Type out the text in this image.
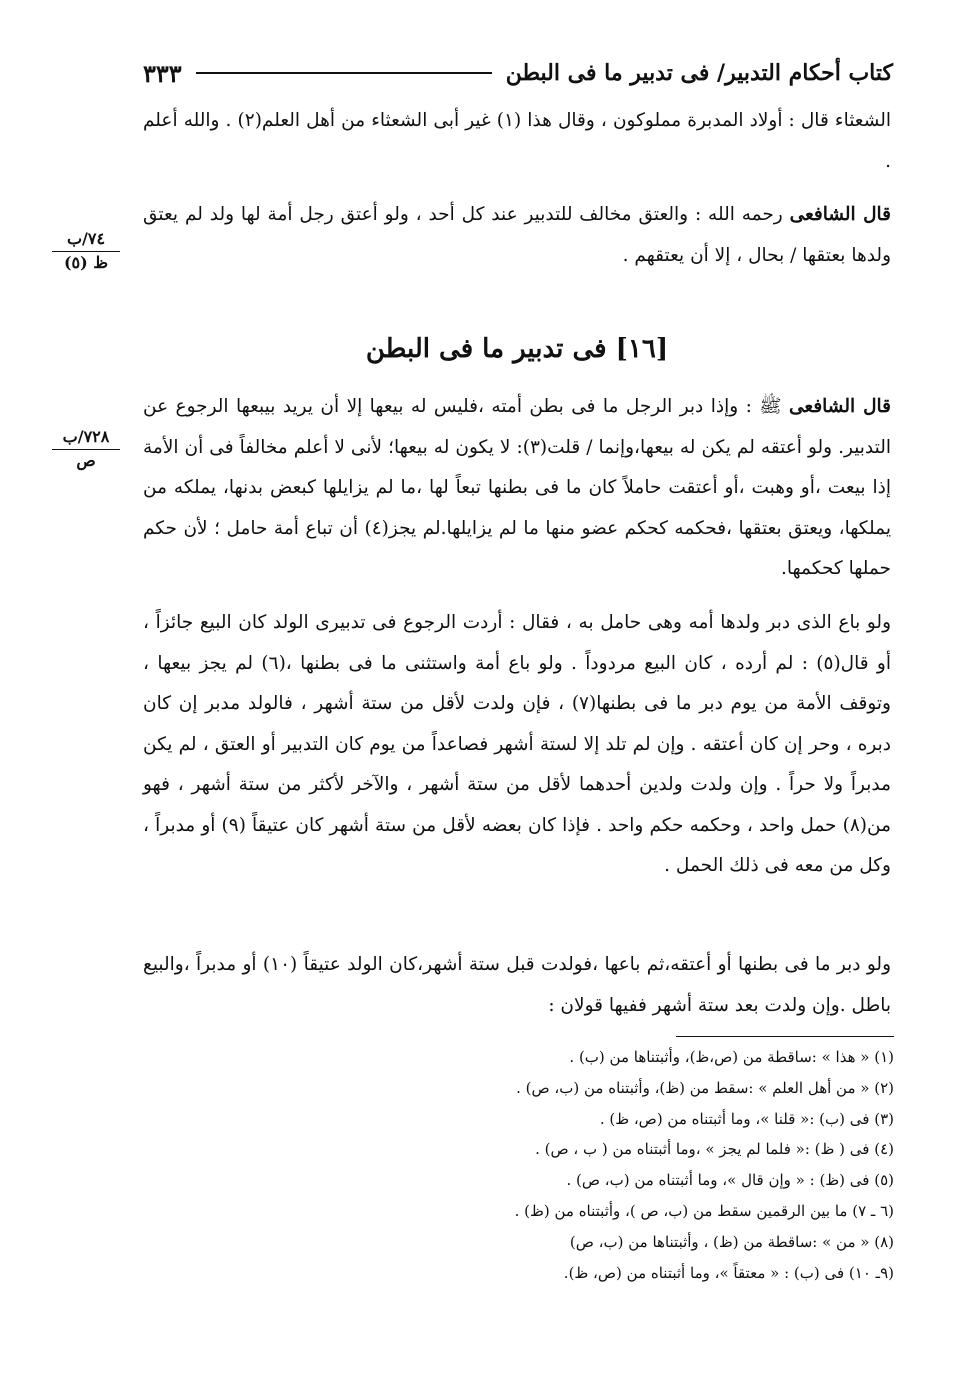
كتاب أحكام التدبير/ فى تدبير ما فى البطن
٣٣٣
الشعثاء قال : أولاد المدبرة مملوكون ، وقال هذا (١) غير أبى الشعثاء من أهل العلم(٢) . والله أعلم .
قال الشافعى رحمه الله : والعتق مخالف للتدبير عند كل أحد ، ولو أعتق رجل أمة لها ولد لم يعتق ولدها بعتقها / بحال ، إلا أن يعتقهم .
٧٤/ب
ظ (٥)
[١٦] فى تدبير ما فى البطن
قال الشافعى ﷺ : وإذا دبر الرجل ما فى بطن أمته ،فليس له بيعها إلا أن يريد بيبعها الرجوع عن التدبير. ولو أعتقه لم يكن له بيعها،وإنما / قلت(٣): لا يكون له بيعها؛ لأنى لا أعلم مخالفاً فى أن الأمة إذا بيعت ،أو وهبت ،أو أعتقت حاملاً كان ما فى بطنها تبعاً لها ،ما لم يزايلها كبعض بدنها، يملكه من يملكها، ويعتق بعتقها ،فحكمه كحكم عضو منها ما لم يزايلها.لم يجز(٤) أن تباع أمة حامل ؛ لأن حكم حملها كحكمها.
٧٢٨/ب
ص
ولو باع الذى دبر ولدها أمه وهى حامل به ، فقال : أردت الرجوع فى تدبيرى الولد كان البيع جائزاً ، أو قال(٥) : لم أرده ، كان البيع مردوداً . ولو باع أمة واستثنى ما فى بطنها ،(٦) لم يجز بيعها ، وتوقف الأمة من يوم دبر ما فى بطنها(٧) ، فإن ولدت لأقل من ستة أشهر ، فالولد مدبر إن كان دبره ، وحر إن كان أعتقه . وإن لم تلد إلا لستة أشهر فصاعداً من يوم كان التدبير أو العتق ، لم يكن مدبراً ولا حراً . وإن ولدت ولدين أحدهما لأقل من ستة أشهر ، والآخر لأكثر من ستة أشهر ، فهو من(٨) حمل واحد ، وحكمه حكم واحد . فإذا كان بعضه لأقل من ستة أشهر كان عتيقاً (٩) أو مدبراً ، وكل من معه فى ذلك الحمل .
ولو دبر ما فى بطنها أو أعتقه،ثم باعها ،فولدت قبل ستة أشهر،كان الولد عتيقاً (١٠) أو مدبراً ،والبيع باطل .وإن ولدت بعد ستة أشهر ففيها قولان :
(١) « هذا » :ساقطة من (ص،ظ)، وأثبتناها من (ب) .
(٢) « من أهل العلم » :سقط من (ظ)، وأثبتناه من (ب، ص) .
(٣) فى (ب) :« قلنا »، وما أثبتناه من (ص، ظ) .
(٤) فى ( ظ) :« فلما لم يجز » ،وما أثبتناه من ( ب ، ص) .
(٥) فى (ظ) : « وإن قال »، وما أثبتناه من (ب، ص) .
(٦ ـ ٧) ما بين الرقمين سقط من (ب، ص )، وأثبتناه من (ظ) .
(٨) « من » :ساقطة من (ظ) ، وأثبتناها من (ب، ص)
(٩ـ ١٠) فى (ب) : « معتقاً »، وما أثبتناه من (ص، ظ).
